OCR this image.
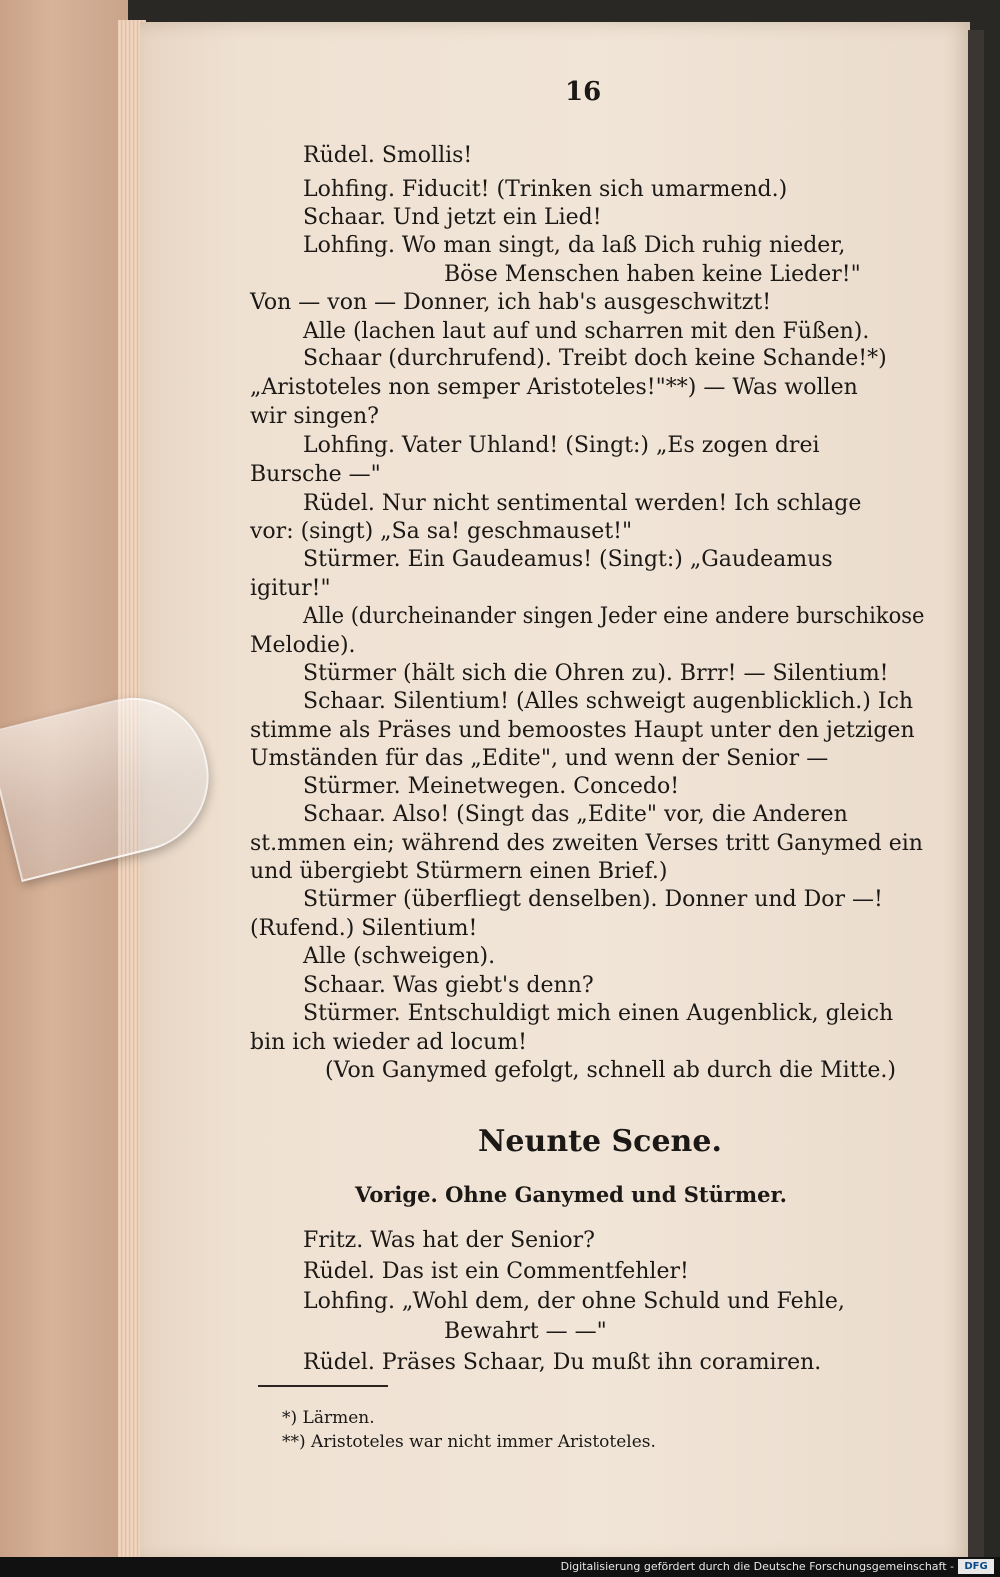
16
Rüdel. Smollis!
Lohfing. Fiducit! (Trinken sich umarmend.)
Schaar. Und jetzt ein Lied!
Lohfing. Wo man singt, da laß Dich ruhig nieder,
Böse Menschen haben keine Lieder!"
Von — von — Donner, ich hab's ausgeschwitzt!
Alle (lachen laut auf und scharren mit den Füßen).
Schaar (durchrufend). Treibt doch keine Schande!*)
„Aristoteles non semper Aristoteles!"**) — Was wollen
wir singen?
Lohfing. Vater Uhland! (Singt:) „Es zogen drei
Bursche —"
Rüdel. Nur nicht sentimental werden! Ich schlage
vor: (singt) „Sa sa! geschmauset!"
Stürmer. Ein Gaudeamus! (Singt:) „Gaudeamus
igitur!"
Alle (durcheinander singen Jeder eine andere burschikose
Melodie).
Stürmer (hält sich die Ohren zu). Brrr! — Silentium!
Schaar. Silentium! (Alles schweigt augenblicklich.) Ich
stimme als Präses und bemoostes Haupt unter den jetzigen
Umständen für das „Edite", und wenn der Senior —
Stürmer. Meinetwegen. Concedo!
Schaar. Also! (Singt das „Edite" vor, die Anderen
st.mmen ein; während des zweiten Verses tritt Ganymed ein
und übergiebt Stürmern einen Brief.)
Stürmer (überfliegt denselben). Donner und Dor —!
(Rufend.) Silentium!
Alle (schweigen).
Schaar. Was giebt's denn?
Stürmer. Entschuldigt mich einen Augenblick, gleich
bin ich wieder ad locum!
(Von Ganymed gefolgt, schnell ab durch die Mitte.)
Neunte Scene.
Vorige. Ohne Ganymed und Stürmer.
Fritz. Was hat der Senior?
Rüdel. Das ist ein Commentfehler!
Lohfing. „Wohl dem, der ohne Schuld und Fehle,
Bewahrt — —"
Rüdel. Präses Schaar, Du mußt ihn coramiren.
*) Lärmen.
**) Aristoteles war nicht immer Aristoteles.
Digitalisierung gefördert durch die Deutsche Forschungsgemeinschaft -	DFG
